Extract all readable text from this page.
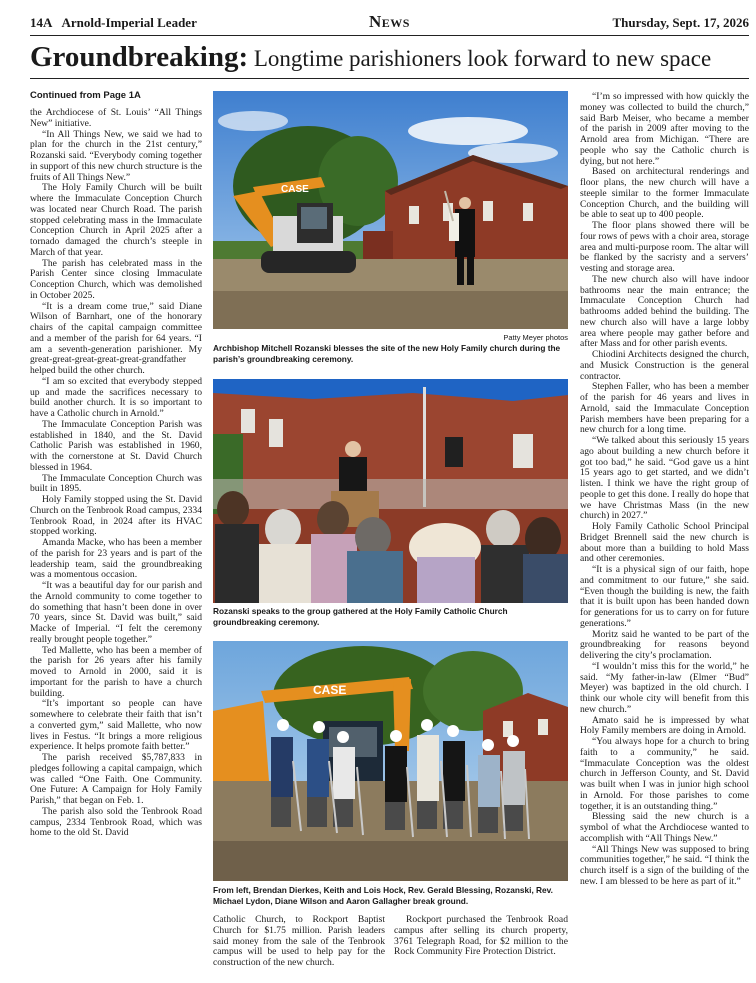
14A Arnold-Imperial Leader	News	Thursday, Sept. 17, 2026
Groundbreaking: Longtime parishioners look forward to new space
Continued from Page 1A

the Archdiocese of St. Louis’ “All Things New” initiative.

“In All Things New, we said we had to plan for the church in the 21st century,” Rozanski said. “Everybody coming together in support of this new church structure is the fruits of All Things New.”

The Holy Family Church will be built where the Immaculate Conception Church was located near Church Road. The parish stopped celebrating mass in the Immaculate Conception Church in April 2025 after a tornado damaged the church’s steeple in March of that year.

The parish has celebrated mass in the Parish Center since closing Immaculate Conception Church, which was demolished in October 2025.

“It is a dream come true,” said Diane Wilson of Barnhart, one of the honorary chairs of the capital campaign committee and a member of the parish for 64 years. “I am a seventh-generation parishioner. My great-great-great-great-great-grandfather helped build the other church.

“I am so excited that everybody stepped up and made the sacrifices necessary to build another church. It is so important to have a Catholic church in Arnold.”

The Immaculate Conception Parish was established in 1840, and the St. David Catholic Parish was established in 1960, with the cornerstone at St. David Church blessed in 1964.

The Immaculate Conception Church was built in 1895.

Holy Family stopped using the St. David Church on the Tenbrook Road campus, 2334 Tenbrook Road, in 2024 after its HVAC stopped working.

Amanda Macke, who has been a member of the parish for 23 years and is part of the leadership team, said the groundbreaking was a momentous occasion.

“It was a beautiful day for our parish and the Arnold community to come together to do something that hasn’t been done in over 70 years, since St. David was built,” said Macke of Imperial. “I felt the ceremony really brought people together.”

Ted Mallette, who has been a member of the parish for 26 years after his family moved to Arnold in 2000, said it is important for the parish to have a church building.

“It’s important so people can have somewhere to celebrate their faith that isn’t a converted gym,” said Mallette, who now lives in Festus. “It brings a more religious experience. It helps promote faith better.”

The parish received $5,787,833 in pledges following a capital campaign, which was called “One Faith. One Community. One Future: A Campaign for Holy Family Parish,” that began on Feb. 1.

The parish also sold the Tenbrook Road campus, 2334 Tenbrook Road, which was home to the old St. David

CASE
Patty Meyer photos
Archbishop Mitchell Rozanski blesses the site of the new Holy Family church during the parish’s groundbreaking ceremony.
Rozanski speaks to the group gathered at the Holy Family Catholic Church groundbreaking ceremony.
CASE
From left, Brendan Dierkes, Keith and Lois Hock, Rev. Gerald Blessing, Rozanski, Rev. Michael Lydon, Diane Wilson and Aaron Gallagher break ground.

Catholic Church, to Rockport Baptist Church for $1.75 million. Parish leaders said money from the sale of the Tenbrook campus will be used to help pay for the construction of the new church.

Rockport purchased the Tenbrook Road campus after selling its church property, 3761 Telegraph Road, for $2 million to the Rock Community Fire Protection District.

“I’m so impressed with how quickly the money was collected to build the church,” said Barb Meiser, who became a member of the parish in 2009 after moving to the Arnold area from Michigan. “There are people who say the Catholic church is dying, but not here.”

Based on architectural renderings and floor plans, the new church will have a steeple similar to the former Immaculate Conception Church, and the building will be able to seat up to 400 people.

The floor plans showed there will be four rows of pews with a choir area, storage area and multi-purpose room. The altar will be flanked by the sacristy and a servers’ vesting and storage area.

The new church also will have indoor bathrooms near the main entrance; the Immaculate Conception Church had bathrooms added behind the building. The new church also will have a large lobby area where people may gather before and after Mass and for other parish events.

Chiodini Architects designed the church, and Musick Construction is the general contractor.

Stephen Faller, who has been a member of the parish for 46 years and lives in Arnold, said the Immaculate Conception Parish members have been preparing for a new church for a long time.

“We talked about this seriously 15 years ago about building a new church before it got too bad,” he said. “God gave us a hint 15 years ago to get started, and we didn’t listen. I think we have the right group of people to get this done. I really do hope that we have Christmas Mass (in the new church) in 2027.”

Holy Family Catholic School Principal Bridget Brennell said the new church is about more than a building to hold Mass and other ceremonies.

“It is a physical sign of our faith, hope and commitment to our future,” she said. “Even though the building is new, the faith that it is built upon has been handed down for generations for us to carry on for future generations.”

Moritz said he wanted to be part of the groundbreaking for reasons beyond delivering the city’s proclamation.

“I wouldn’t miss this for the world,” he said. “My father-in-law (Elmer “Bud” Meyer) was baptized in the old church. I think our whole city will benefit from this new church.”

Amato said he is impressed by what Holy Family members are doing in Arnold.

“You always hope for a church to bring faith to a community,” he said. “Immaculate Conception was the oldest church in Jefferson County, and St. David was built when I was in junior high school in Arnold. For those parishes to come together, it is an outstanding thing.”

Blessing said the new church is a symbol of what the Archdiocese wanted to accomplish with “All Things New.”

“All Things New was supposed to bring communities together,” he said. “I think the church itself is a sign of the building of the new. I am blessed to be here as part of it.”
